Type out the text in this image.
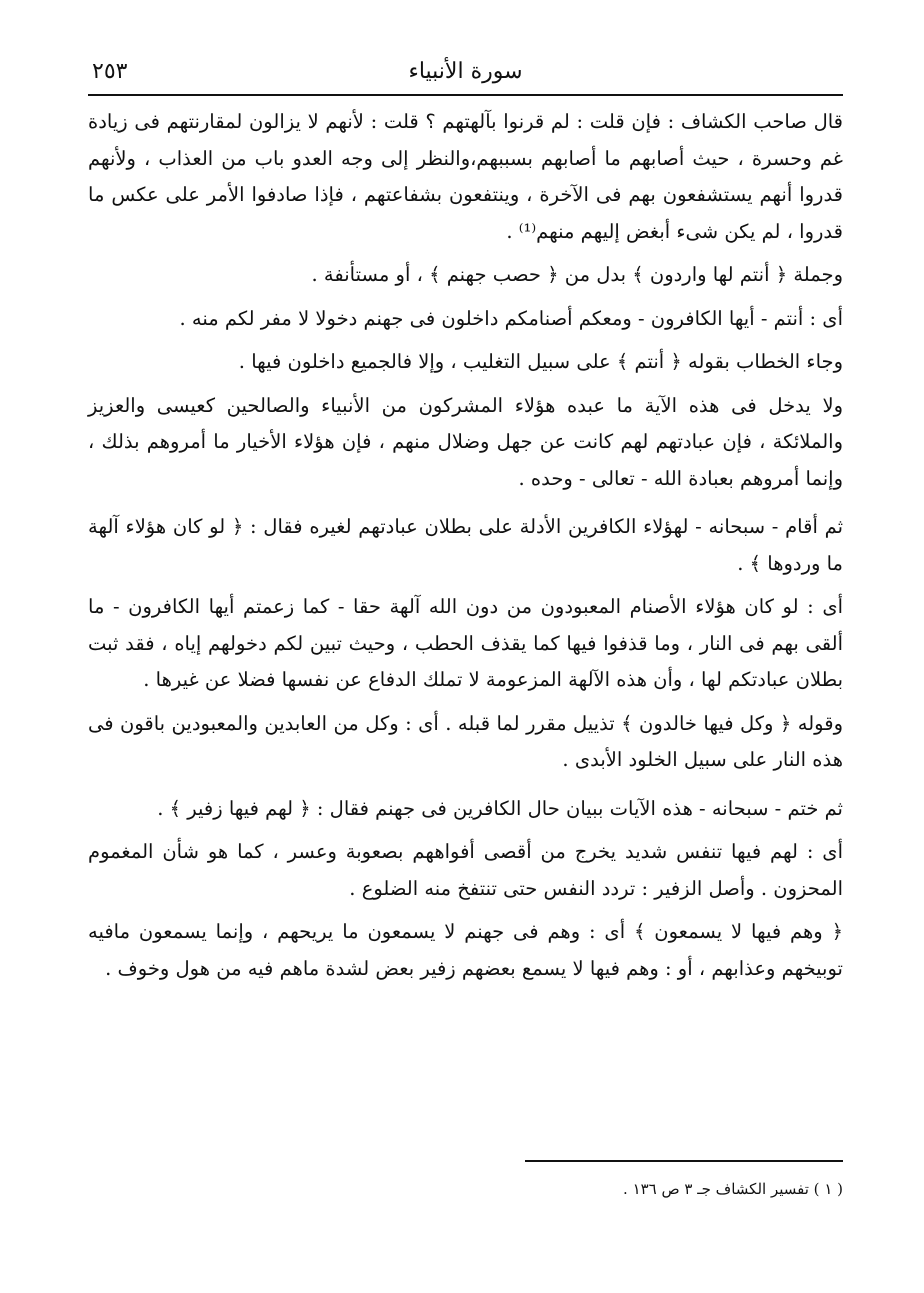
سورة الأنبياء
٢٥٣

قال صاحب الكشاف : فإن قلت : لم قرنوا بآلهتهم ؟ قلت : لأنهم لا يزالون لمقارنتهم فى زيادة غم وحسرة ، حيث أصابهم ما أصابهم بسببهم،والنظر إلى وجه العدو باب من العذاب ، ولأنهم قدروا أنهم يستشفعون بهم فى الآخرة ، وينتفعون بشفاعتهم ، فإذا صادفوا الأمر على عكس ما قدروا ، لم يكن شىء أبغض إليهم منهم⁽¹⁾ .

وجملة ﴿ أنتم لها واردون ﴾ بدل من ﴿ حصب جهنم ﴾ ، أو مستأنفة .

أى : أنتم - أيها الكافرون - ومعكم أصنامكم داخلون فى جهنم دخولا لا مفر لكم منه .

وجاء الخطاب بقوله ﴿ أنتم ﴾ على سبيل التغليب ، وإلا فالجميع داخلون فيها .

ولا يدخل فى هذه الآية ما عبده هؤلاء المشركون من الأنبياء والصالحين كعيسى والعزيز والملائكة ، فإن عبادتهم لهم كانت عن جهل وضلال منهم ، فإن هؤلاء الأخيار ما أمروهم بذلك ، وإنما أمروهم بعبادة الله - تعالى - وحده .

ثم أقام - سبحانه - لهؤلاء الكافرين الأدلة على بطلان عبادتهم لغيره فقال : ﴿ لو كان هؤلاء آلهة ما وردوها ﴾ .

أى : لو كان هؤلاء الأصنام المعبودون من دون الله آلهة حقا - كما زعمتم أيها الكافرون - ما ألقى بهم فى النار ، وما قذفوا فيها كما يقذف الحطب ، وحيث تبين لكم دخولهم إياه ، فقد ثبت بطلان عبادتكم لها ، وأن هذه الآلهة المزعومة لا تملك الدفاع عن نفسها فضلا عن غيرها .

وقوله ﴿ وكل فيها خالدون ﴾ تذييل مقرر لما قبله . أى : وكل من العابدين والمعبودين باقون فى هذه النار على سبيل الخلود الأبدى .

ثم ختم - سبحانه - هذه الآيات ببيان حال الكافرين فى جهنم فقال : ﴿ لهم فيها زفير ﴾ .

أى : لهم فيها تنفس شديد يخرج من أقصى أفواههم بصعوبة وعسر ، كما هو شأن المغموم المحزون . وأصل الزفير : تردد النفس حتى تنتفخ منه الضلوع .

﴿ وهم فيها لا يسمعون ﴾ أى : وهم فى جهنم لا يسمعون ما يريحهم ، وإنما يسمعون مافيه توبيخهم وعذابهم ، أو : وهم فيها لا يسمع بعضهم زفير بعض لشدة ماهم فيه من هول وخوف .

( ١ ) تفسير الكشاف جـ ٣ ص ١٣٦ .
